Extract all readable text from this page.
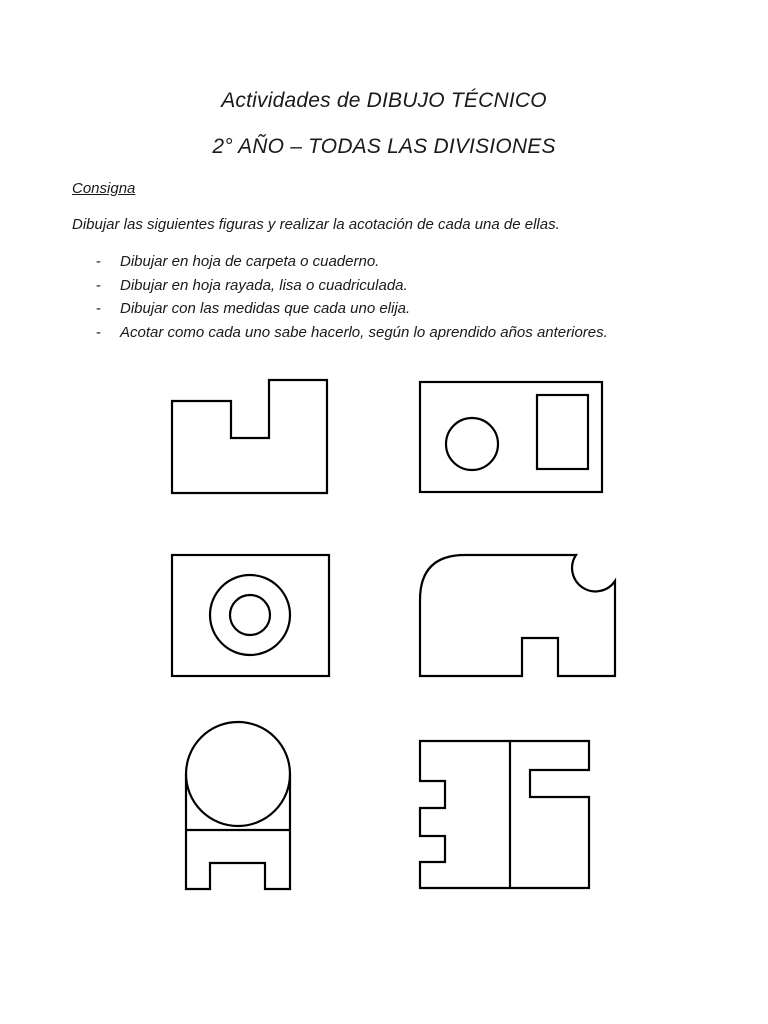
Actividades de DIBUJO TÉCNICO
2° AÑO – TODAS LAS DIVISIONES
Consigna
Dibujar las siguientes figuras y realizar la acotación de cada una de ellas.
-	Dibujar en hoja de carpeta o cuaderno.
-	Dibujar en hoja rayada, lisa o cuadriculada.
-	Dibujar con las medidas que cada uno elija.
-	Acotar como cada uno sabe hacerlo, según lo aprendido años anteriores.
